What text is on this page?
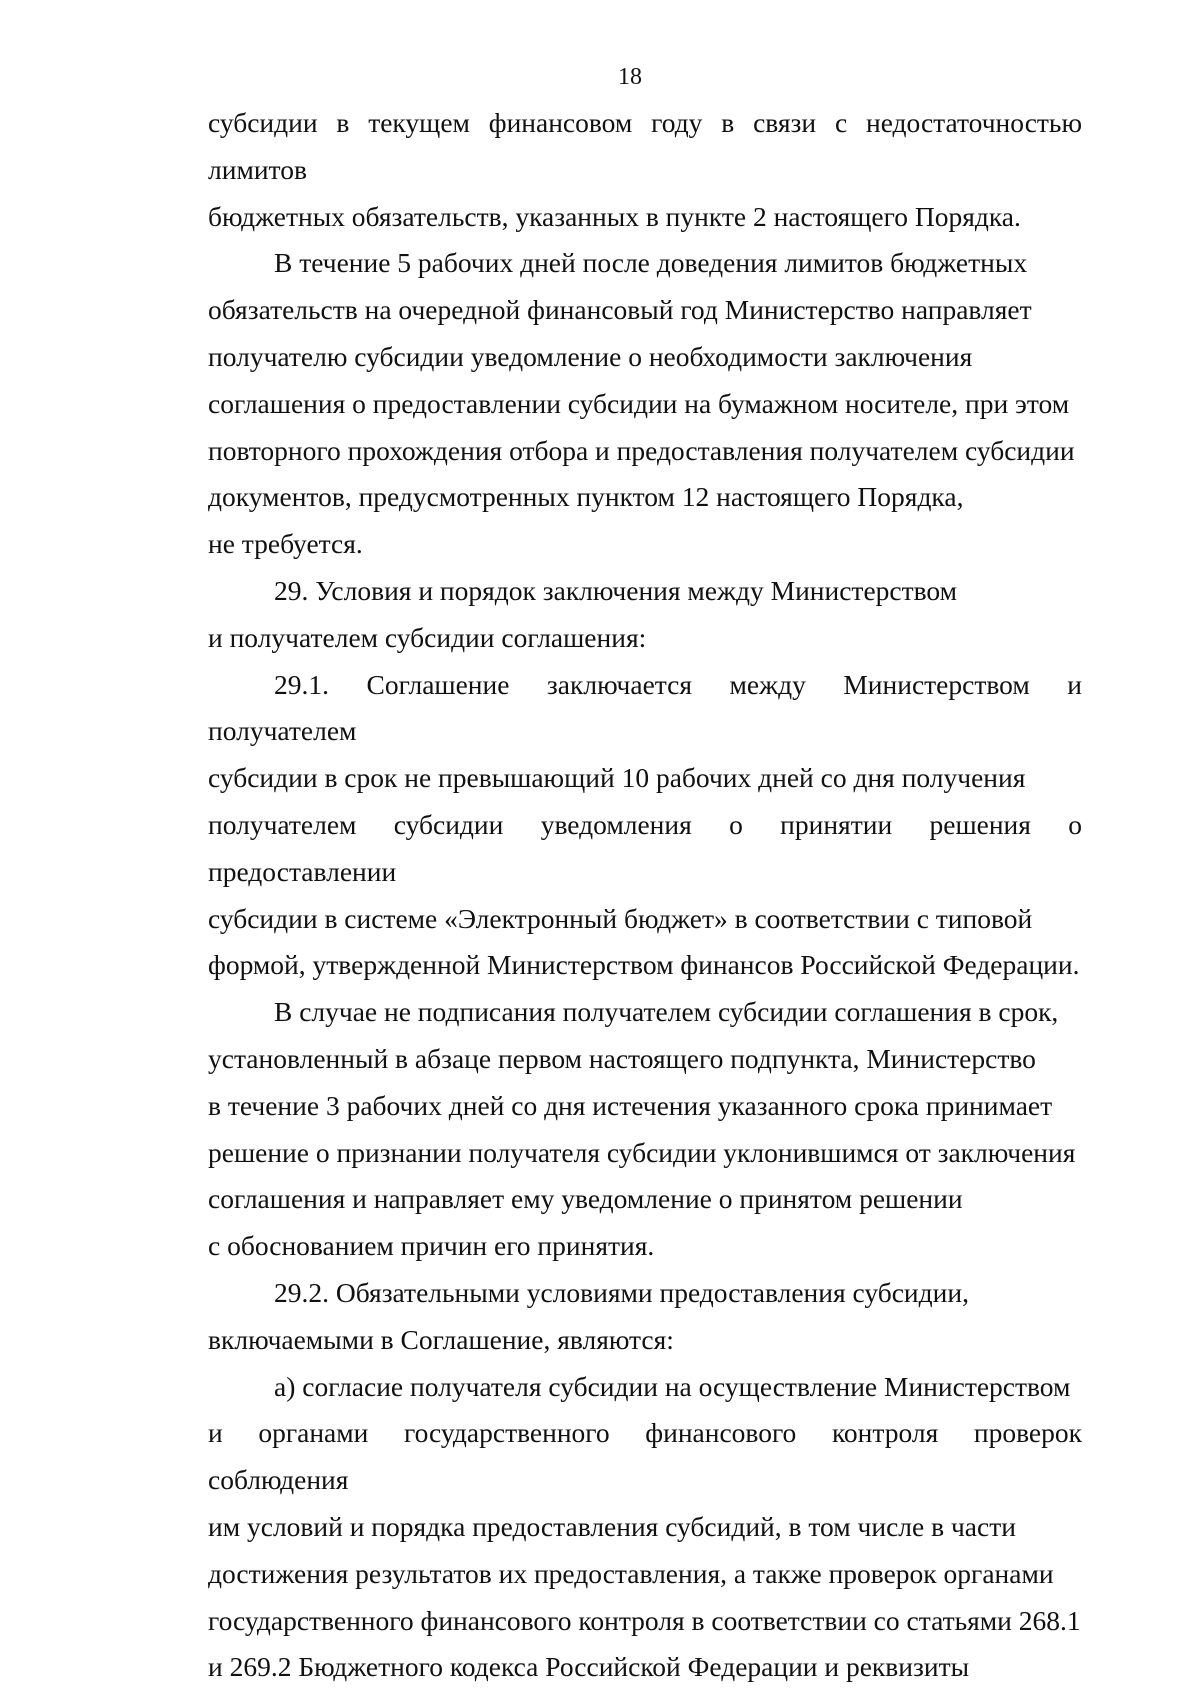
18
субсидии в текущем финансовом году в связи с недостаточностью лимитов
бюджетных обязательств, указанных в пункте 2 настоящего Порядка.
В течение 5 рабочих дней после доведения лимитов бюджетных
обязательств на очередной финансовый год Министерство направляет
получателю субсидии уведомление о необходимости заключения
соглашения о предоставлении субсидии на бумажном носителе, при этом
повторного прохождения отбора и предоставления получателем субсидии
документов, предусмотренных пунктом 12 настоящего Порядка,
не требуется.
29. Условия и порядок заключения между Министерством
и получателем субсидии соглашения:
29.1. Соглашение заключается между Министерством и получателем
субсидии в срок не превышающий 10 рабочих дней со дня получения
получателем субсидии уведомления о принятии решения о предоставлении
субсидии в системе «Электронный бюджет» в соответствии с типовой
формой, утвержденной Министерством финансов Российской Федерации.
В случае не подписания получателем субсидии соглашения в срок,
установленный в абзаце первом настоящего подпункта, Министерство
в течение 3 рабочих дней со дня истечения указанного срока принимает
решение о признании получателя субсидии уклонившимся от заключения
соглашения и направляет ему уведомление о принятом решении
с обоснованием причин его принятия.
29.2. Обязательными условиями предоставления субсидии,
включаемыми в Соглашение, являются:
а) согласие получателя субсидии на осуществление Министерством
и органами государственного финансового контроля проверок соблюдения
им условий и порядка предоставления субсидий, в том числе в части
достижения результатов их предоставления, а также проверок органами
государственного финансового контроля в соответствии со статьями 268.1
и 269.2 Бюджетного кодекса Российской Федерации и реквизиты
